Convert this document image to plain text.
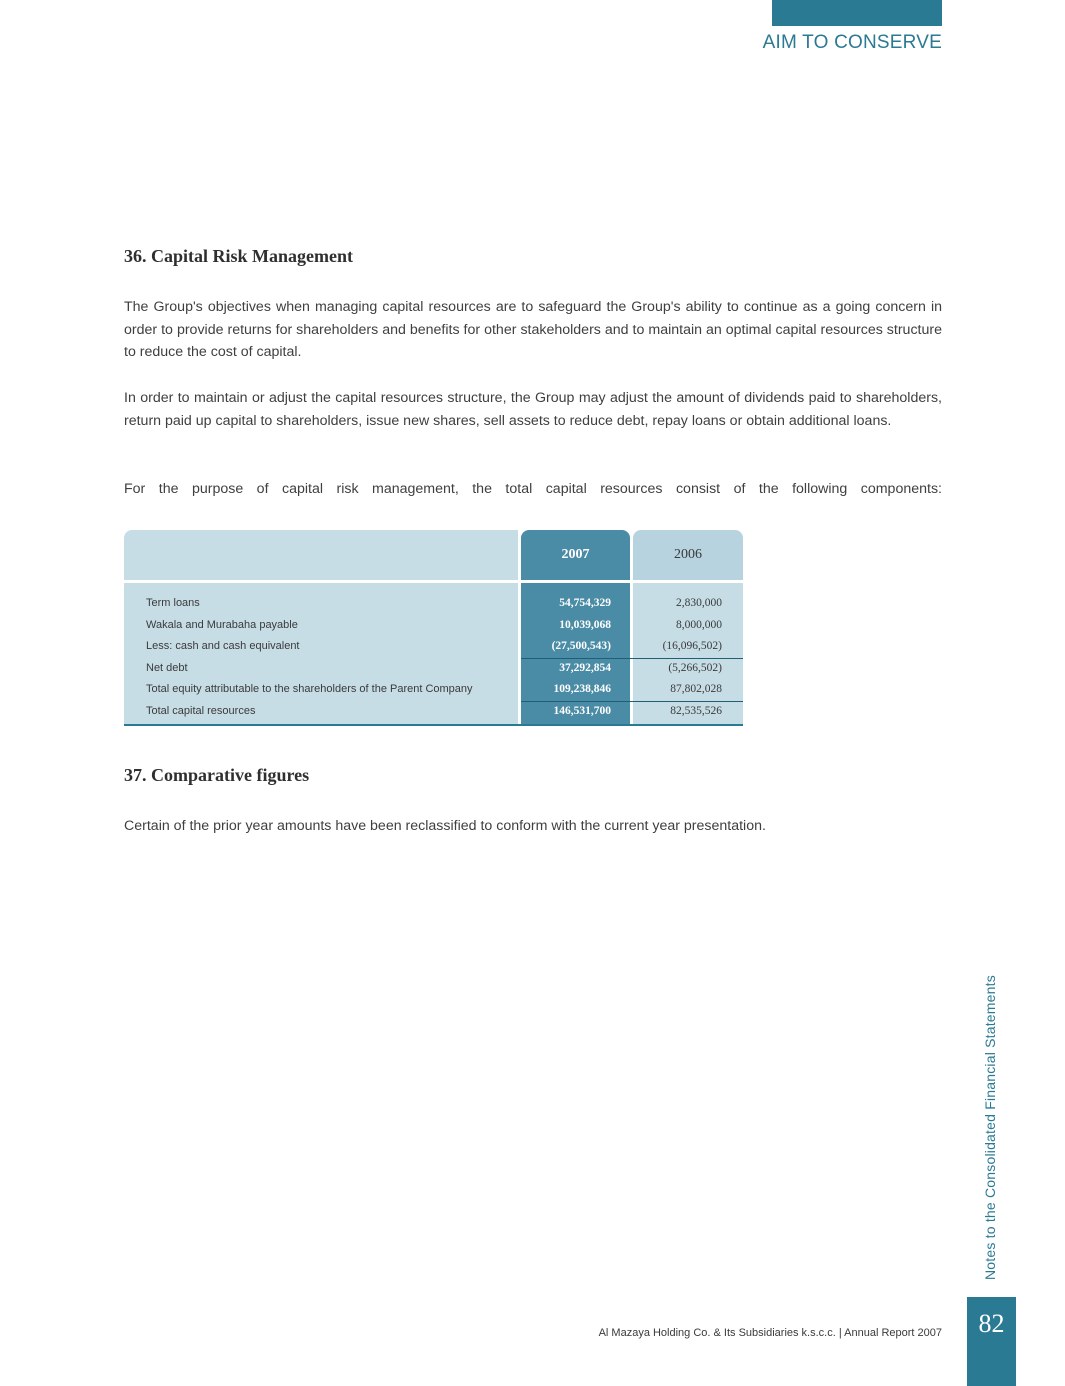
AIM TO CONSERVE
36. Capital Risk Management

The Group's objectives when managing capital resources are to safeguard the Group's ability to continue as a going concern in order to provide returns for shareholders and benefits for other stakeholders and to maintain an optimal capital resources structure to reduce the cost of capital.

In order to maintain or adjust the capital resources structure, the Group may adjust the amount of dividends paid to shareholders, return paid up capital to shareholders, issue new shares, sell assets to reduce debt, repay loans or obtain additional loans.

For the purpose of capital risk management, the total capital resources consist of the following components:

2007	2006
Term loans	54,754,329	2,830,000
Wakala and Murabaha payable	10,039,068	8,000,000
Less: cash and cash equivalent	(27,500,543)	(16,096,502)
Net debt	37,292,854	(5,266,502)
Total equity attributable to the shareholders of the Parent Company	109,238,846	87,802,028
Total capital resources	146,531,700	82,535,526
37. Comparative figures

Certain of the prior year amounts have been reclassified to conform with the current year presentation.

Notes to the Consolidated Financial Statements
Al Mazaya Holding Co. & Its Subsidiaries k.s.c.c. | Annual Report 2007	82
